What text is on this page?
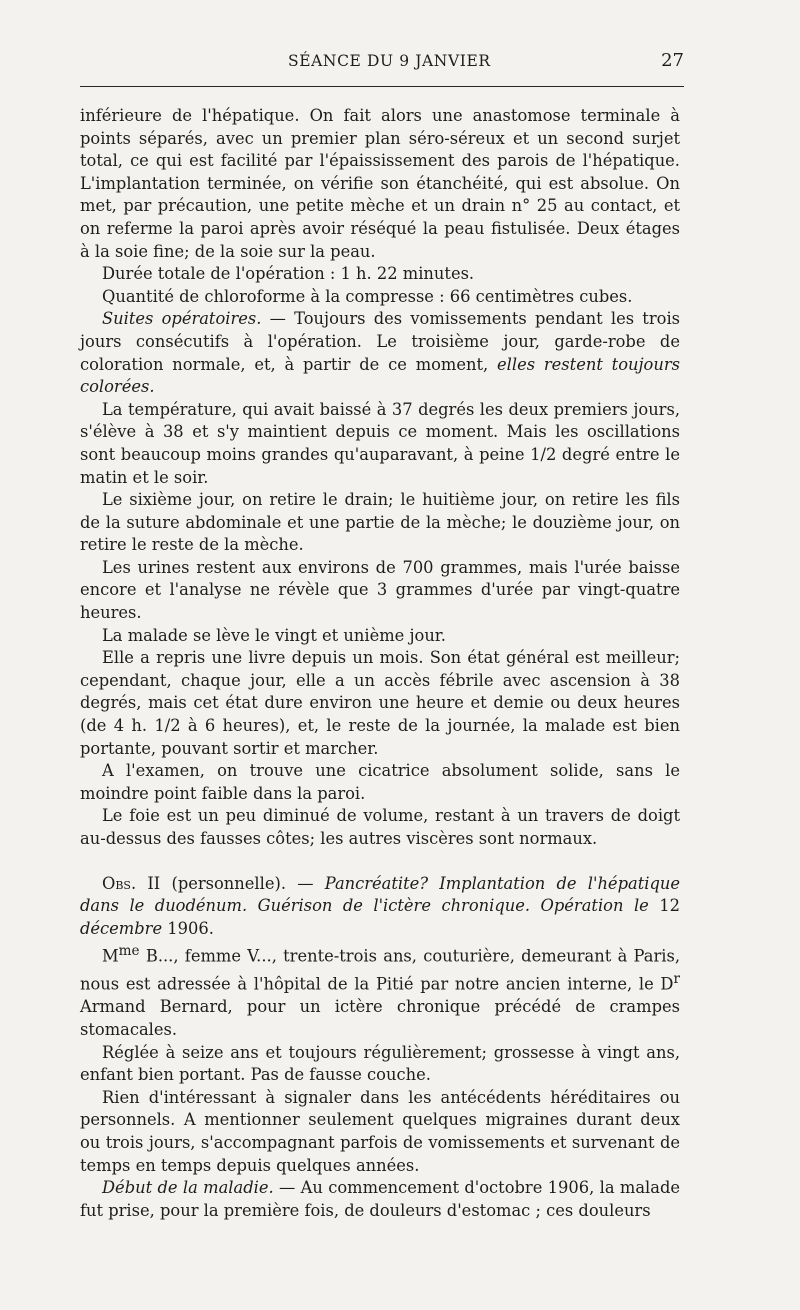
SÉANCE DU 9 JANVIER	27

inférieure de l'hépatique. On fait alors une anastomose terminale à points séparés, avec un premier plan séro-séreux et un second surjet total, ce qui est facilité par l'épaississement des parois de l'hépatique. L'implantation terminée, on vérifie son étanchéité, qui est absolue. On met, par précaution, une petite mèche et un drain n° 25 au contact, et on referme la paroi après avoir réséqué la peau fistulisée. Deux étages à la soie fine; de la soie sur la peau.

Durée totale de l'opération : 1 h. 22 minutes.

Quantité de chloroforme à la compresse : 66 centimètres cubes.

Suites opératoires. — Toujours des vomissements pendant les trois jours consécutifs à l'opération. Le troisième jour, garde-robe de coloration normale, et, à partir de ce moment, elles restent toujours colorées.

La température, qui avait baissé à 37 degrés les deux premiers jours, s'élève à 38 et s'y maintient depuis ce moment. Mais les oscillations sont beaucoup moins grandes qu'auparavant, à peine 1/2 degré entre le matin et le soir.

Le sixième jour, on retire le drain; le huitième jour, on retire les fils de la suture abdominale et une partie de la mèche; le douzième jour, on retire le reste de la mèche.

Les urines restent aux environs de 700 grammes, mais l'urée baisse encore et l'analyse ne révèle que 3 grammes d'urée par vingt-quatre heures.

La malade se lève le vingt et unième jour.

Elle a repris une livre depuis un mois. Son état général est meilleur; cependant, chaque jour, elle a un accès fébrile avec ascension à 38 degrés, mais cet état dure environ une heure et demie ou deux heures (de 4 h. 1/2 à 6 heures), et, le reste de la journée, la malade est bien portante, pouvant sortir et marcher.

A l'examen, on trouve une cicatrice absolument solide, sans le moindre point faible dans la paroi.

Le foie est un peu diminué de volume, restant à un travers de doigt au-dessus des fausses côtes; les autres viscères sont normaux.

Obs. II (personnelle). — Pancréatite? Implantation de l'hépatique dans le duodénum. Guérison de l'ictère chronique. Opération le 12 décembre 1906.

$M^{me}$ B..., femme V..., trente-trois ans, couturière, demeurant à Paris, nous est adressée à l'hôpital de la Pitié par notre ancien interne, le $D^r$ Armand Bernard, pour un ictère chronique précédé de crampes stomacales.

Réglée à seize ans et toujours régulièrement; grossesse à vingt ans, enfant bien portant. Pas de fausse couche.

Rien d'intéressant à signaler dans les antécédents héréditaires ou personnels. A mentionner seulement quelques migraines durant deux ou trois jours, s'accompagnant parfois de vomissements et survenant de temps en temps depuis quelques années.

Début de la maladie. — Au commencement d'octobre 1906, la malade fut prise, pour la première fois, de douleurs d'estomac ; ces douleurs
